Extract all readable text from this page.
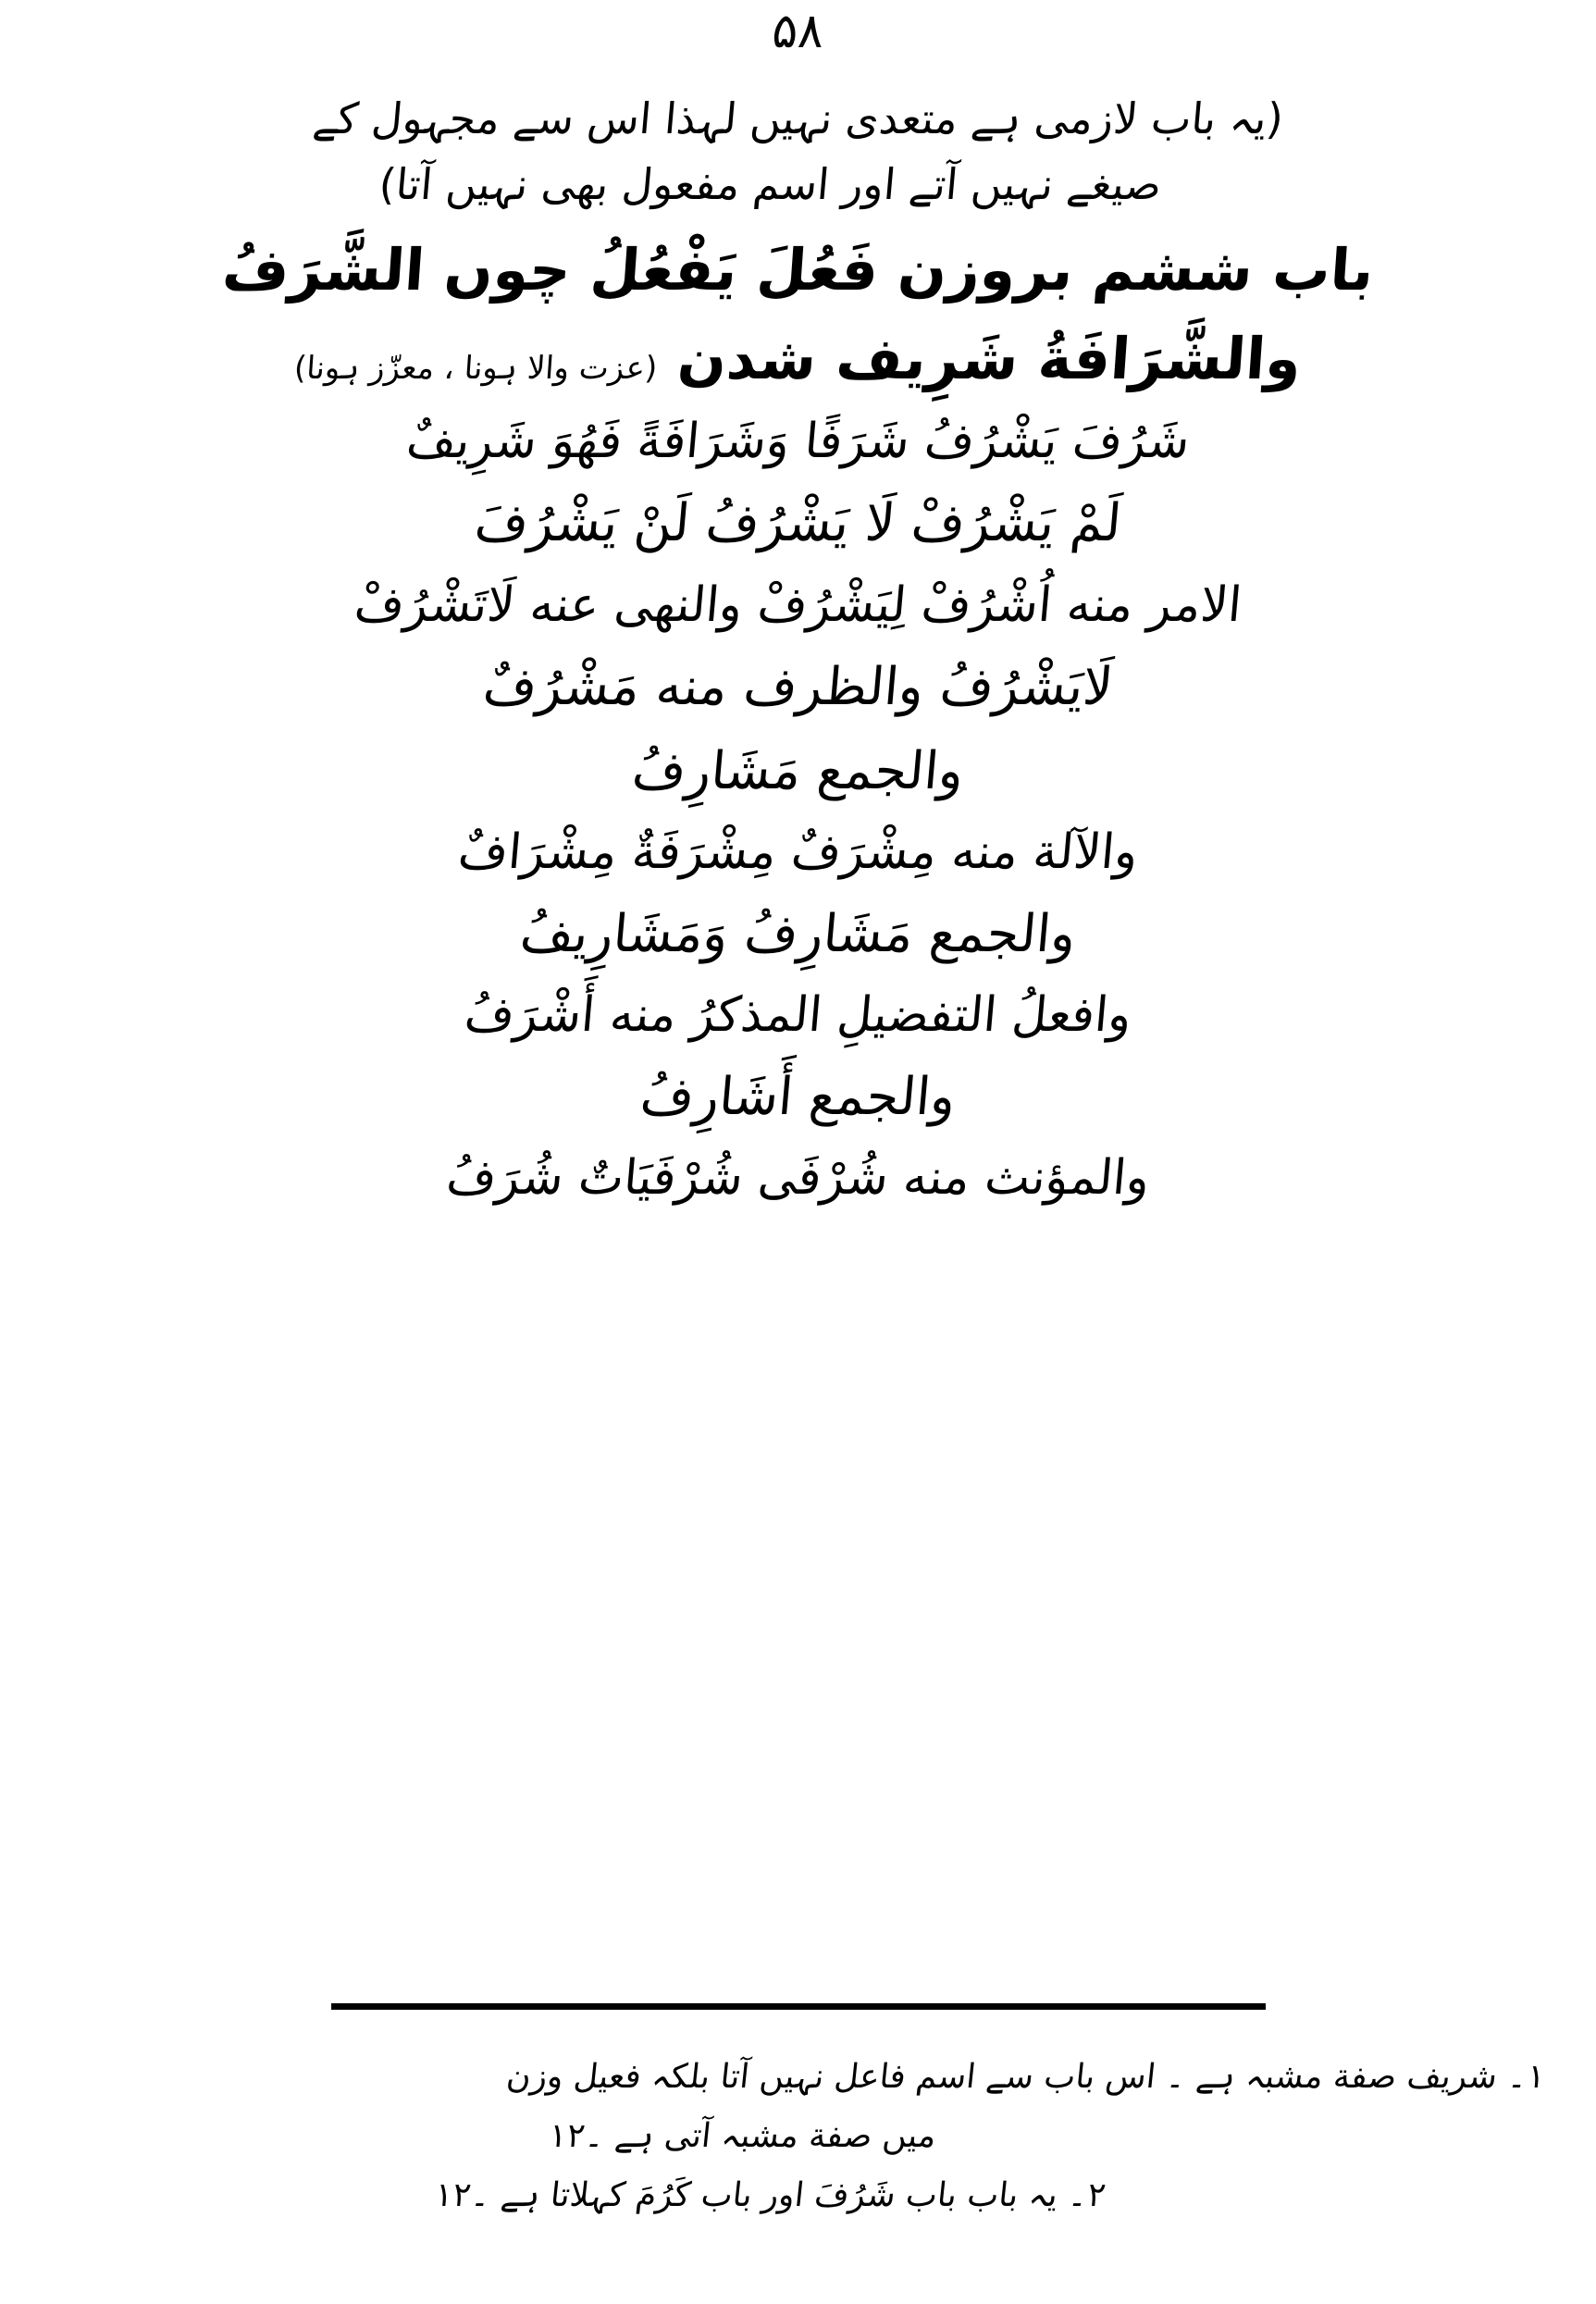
۵۸
(یہ باب لازمی ہے متعدی نہیں لہذا اس سے مجہول کے
صیغے نہیں آتے اور اسم مفعول بھی نہیں آتا)
باب ششم بروزن فَعُلَ يَفْعُلُ چوں الشَّرَفُ
والشَّرَافَةُ شَرِيف شدن (عزت والا ہونا ، معزّز ہونا)
شَرُفَ يَشْرُفُ شَرَفًا وَشَرَافَةً فَهُوَ شَرِيفٌ
لَمْ يَشْرُفْ لَا يَشْرُفُ لَنْ يَشْرُفَ
الامر منه اُشْرُفْ لِيَشْرُفْ والنهى عنه لَاتَشْرُفْ
لَايَشْرُفُ والظرف منه مَشْرُفٌ
والجمع مَشَارِفُ
والآلة منه مِشْرَفٌ مِشْرَفَةٌ مِشْرَافٌ
والجمع مَشَارِفُ وَمَشَارِيفُ
وافعلُ التفضيلِ المذكرُ منه أَشْرَفُ
والجمع أَشَارِفُ
والمؤنث منه شُرْفَى شُرْفَيَاتٌ شُرَفُ
۱۔ شریف صفة مشبہ ہے ۔ اس باب سے اسم فاعل نہیں آتا بلکہ فعیل وزن
میں صفة مشبہ آتی ہے ۔۱۲
۲۔ یہ باب باب شَرُفَ اور باب کَرُمَ کہلاتا ہے ۔۱۲
